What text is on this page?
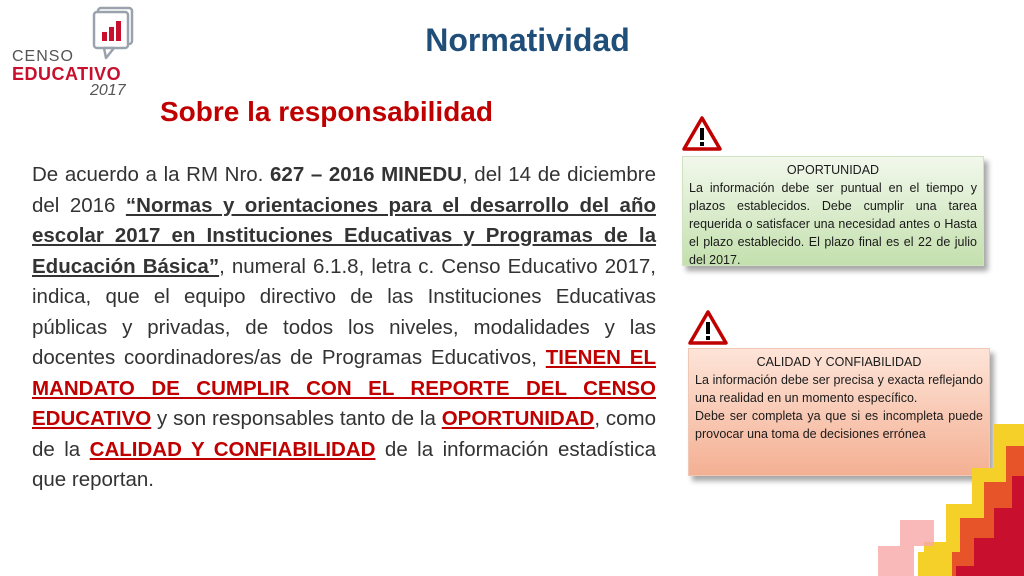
CENSO
EDUCATIVO
2017
Normatividad
Sobre la responsabilidad

De acuerdo a la RM Nro. 627 – 2016 MINEDU, del 14 de diciembre del 2016 “Normas y orientaciones para el desarrollo del año escolar 2017 en Instituciones Educativas y Programas de la Educación Básica”, numeral 6.1.8, letra c. Censo Educativo 2017, indica, que el equipo directivo de las Instituciones Educativas públicas y privadas, de todos los niveles, modalidades y las docentes coordinadores/as de Programas Educativos, TIENEN EL MANDATO DE CUMPLIR CON EL REPORTE DEL CENSO EDUCATIVO y son responsables tanto de la OPORTUNIDAD, como de la CALIDAD Y CONFIABILIDAD de la información estadística que reportan.

OPORTUNIDAD
La información debe ser puntual en el tiempo y plazos establecidos. Debe cumplir una tarea requerida o satisfacer una necesidad antes o Hasta el plazo establecido. El plazo final es el 22 de julio del 2017.
CALIDAD Y CONFIABILIDAD
La información debe ser precisa y exacta reflejando una realidad en un momento específico.
Debe ser completa ya que si es incompleta puede provocar una toma de decisiones errónea
